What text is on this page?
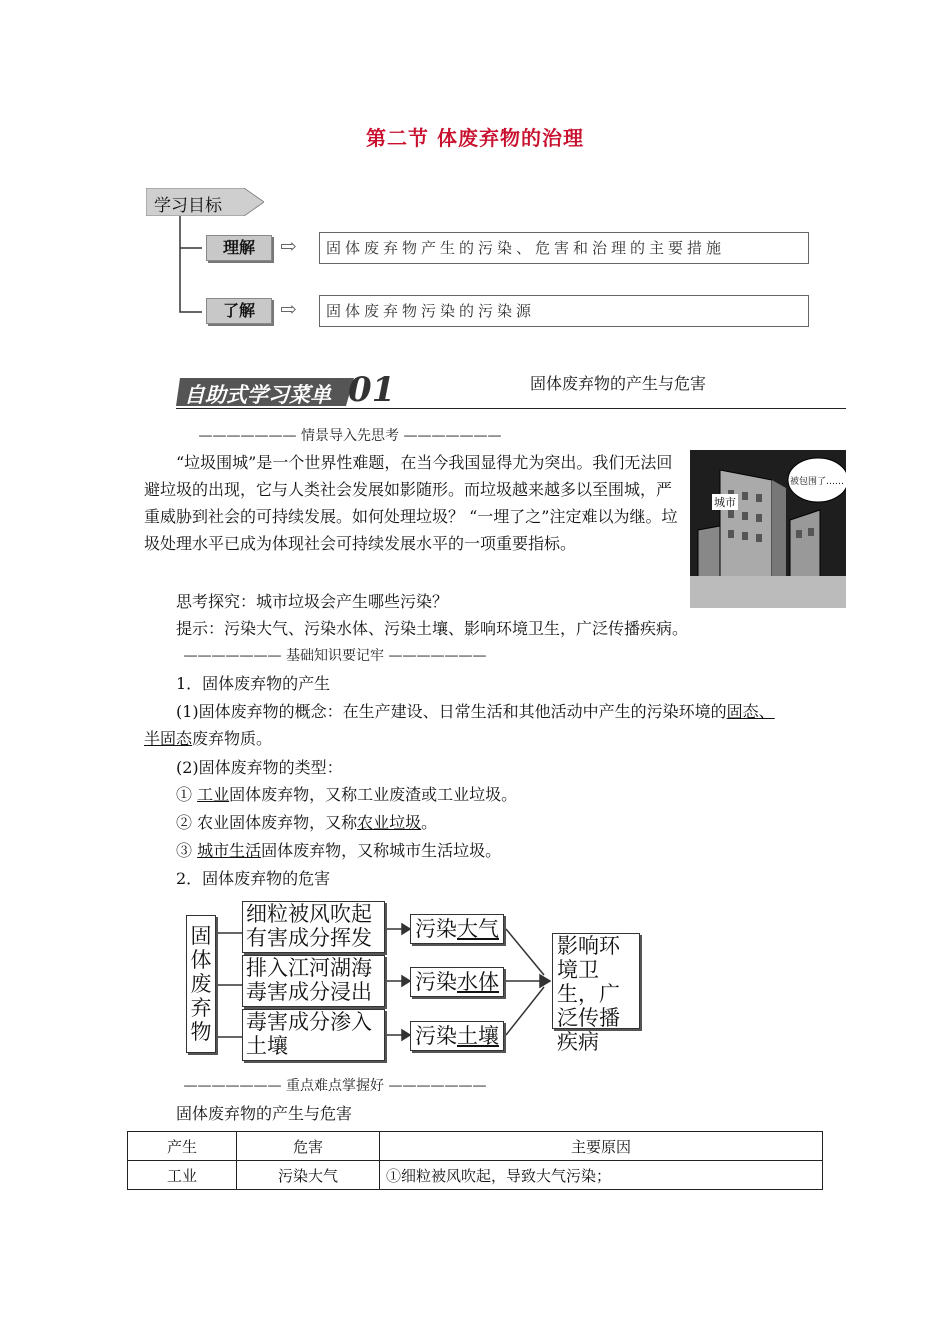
第二节 体废弃物的治理
学习目标
理解	⇨	固体废弃物产生的污染、危害和治理的主要措施
了解	⇨	固体废弃物污染的污染源
自助式学习菜单 01	固体废弃物的产生与危害
——————— 情景导入先思考 ———————
“垃圾围城”是一个世界性难题，在当今我国显得尤为突出。我们无法回避垃圾的出现，它与人类社会发展如影随形。而垃圾越来越多以至围城，严重威胁到社会的可持续发展。如何处理垃圾？ “一埋了之”注定难以为继。垃圾处理水平已成为体现社会可持续发展水平的一项重要指标。
城市
被包围了……
思考探究：城市垃圾会产生哪些污染？
提示：污染大气、污染水体、污染土壤、影响环境卫生，广泛传播疾病。
——————— 基础知识要记牢 ———————
1．固体废弃物的产生
(1)固体废弃物的概念：在生产建设、日常生活和其他活动中产生的污染环境的固态、
半固态废弃物质。
(2)固体废弃物的类型：
① 工业固体废弃物，又称工业废渣或工业垃圾。
② 农业固体废弃物，又称农业垃圾。
③ 城市生活固体废弃物，又称城市生活垃圾。
2．固体废弃物的危害
固体废弃物
细粒被风吹起有害成分挥发
排入江河湖海毒害成分浸出
毒害成分渗入土壤
污染大气
污染水体
污染土壤
影响环境卫生，广泛传播疾病
——————— 重点难点掌握好 ———————
固体废弃物的产生与危害
产生	危害	主要原因
工业	污染大气	①细粒被风吹起，导致大气污染；
